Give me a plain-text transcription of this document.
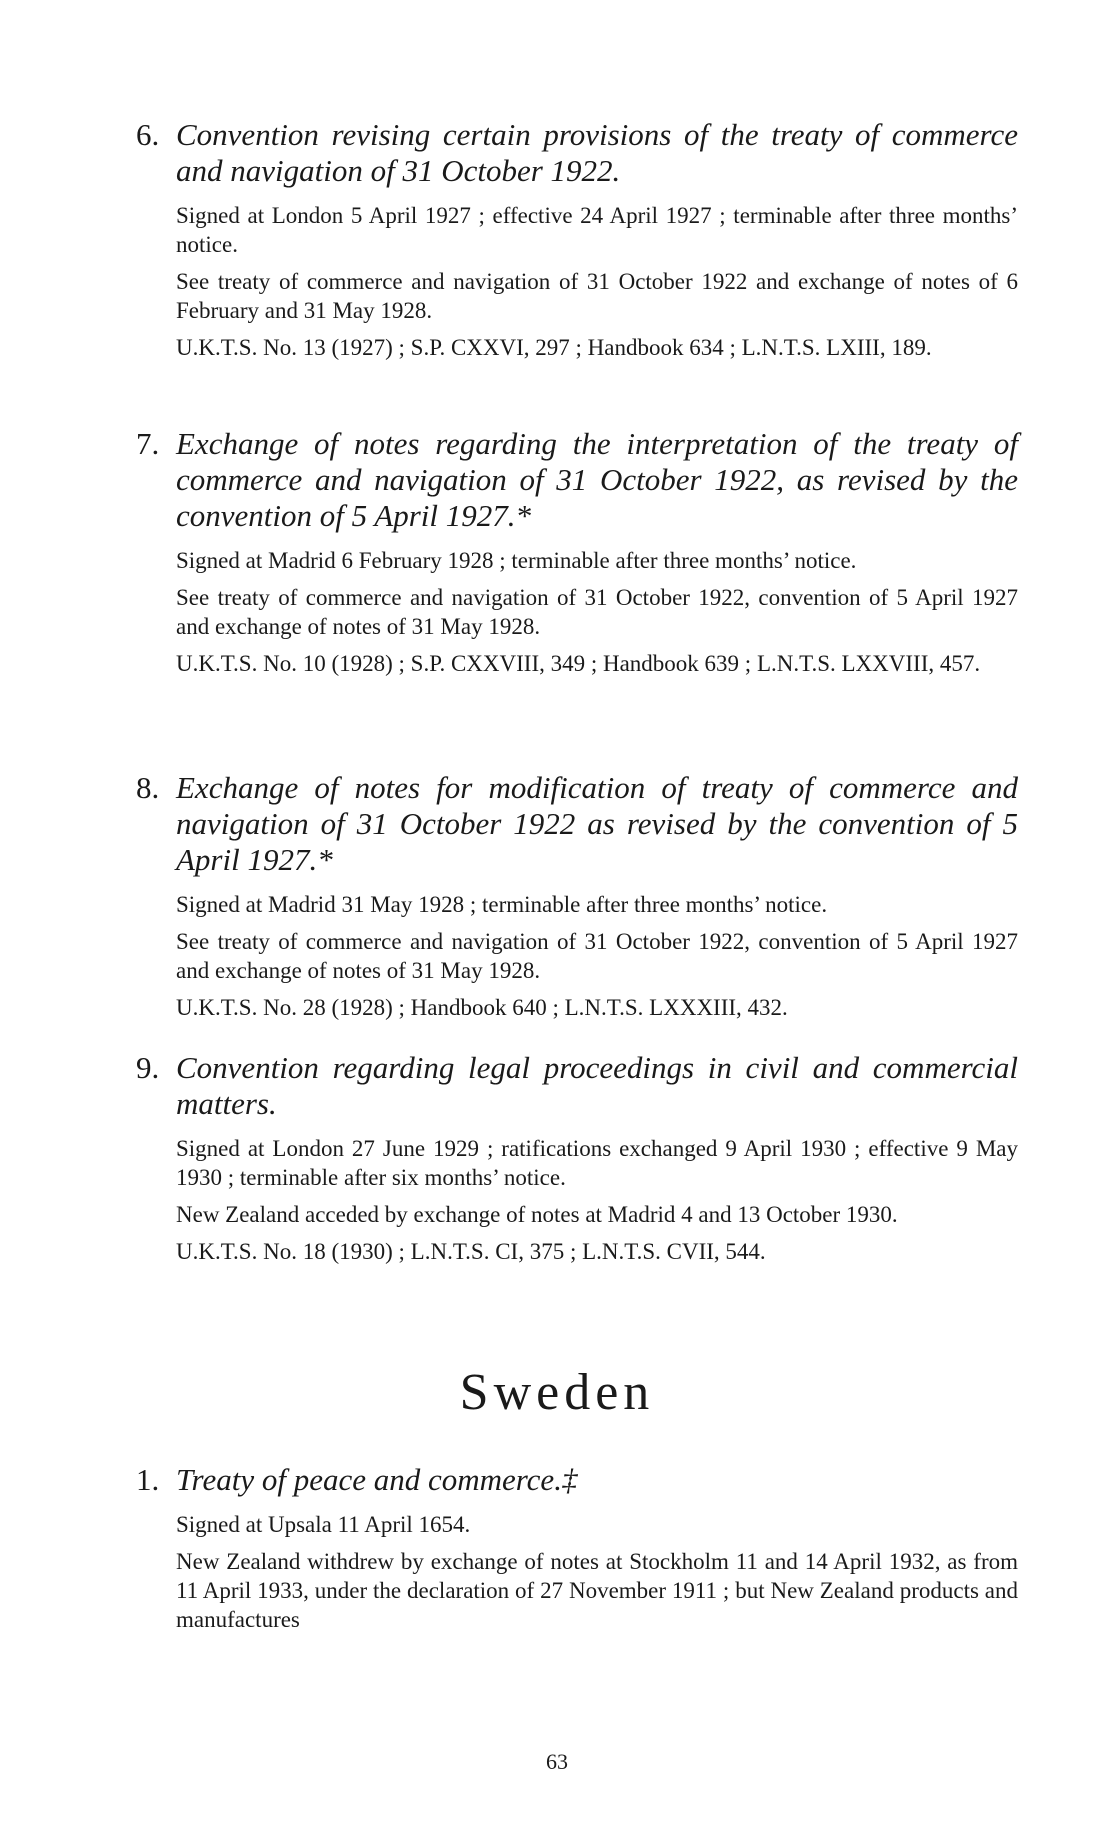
6. Convention revising certain provisions of the treaty of commerce and navigation of 31 October 1922.

Signed at London 5 April 1927 ; effective 24 April 1927 ; terminable after three months’ notice.

See treaty of commerce and navigation of 31 October 1922 and exchange of notes of 6 February and 31 May 1928.

U.K.T.S. No. 13 (1927) ; S.P. CXXVI, 297 ; Handbook 634 ; L.N.T.S. LXIII, 189.

7. Exchange of notes regarding the interpretation of the treaty of commerce and navigation of 31 October 1922, as revised by the convention of 5 April 1927.*

Signed at Madrid 6 February 1928 ; terminable after three months’ notice.

See treaty of commerce and navigation of 31 October 1922, convention of 5 April 1927 and exchange of notes of 31 May 1928.

U.K.T.S. No. 10 (1928) ; S.P. CXXVIII, 349 ; Handbook 639 ; L.N.T.S. LXXVIII, 457.

8. Exchange of notes for modification of treaty of commerce and navigation of 31 October 1922 as revised by the convention of 5 April 1927.*

Signed at Madrid 31 May 1928 ; terminable after three months’ notice.

See treaty of commerce and navigation of 31 October 1922, convention of 5 April 1927 and exchange of notes of 31 May 1928.

U.K.T.S. No. 28 (1928) ; Handbook 640 ; L.N.T.S. LXXXIII, 432.

9. Convention regarding legal proceedings in civil and commercial matters.

Signed at London 27 June 1929 ; ratifications exchanged 9 April 1930 ; effective 9 May 1930 ; terminable after six months’ notice.

New Zealand acceded by exchange of notes at Madrid 4 and 13 October 1930.

U.K.T.S. No. 18 (1930) ; L.N.T.S. CI, 375 ; L.N.T.S. CVII, 544.

Sweden
1. Treaty of peace and commerce.‡

Signed at Upsala 11 April 1654.

New Zealand withdrew by exchange of notes at Stockholm 11 and 14 April 1932, as from 11 April 1933, under the declaration of 27 November 1911 ; but New Zealand products and manufactures

63
